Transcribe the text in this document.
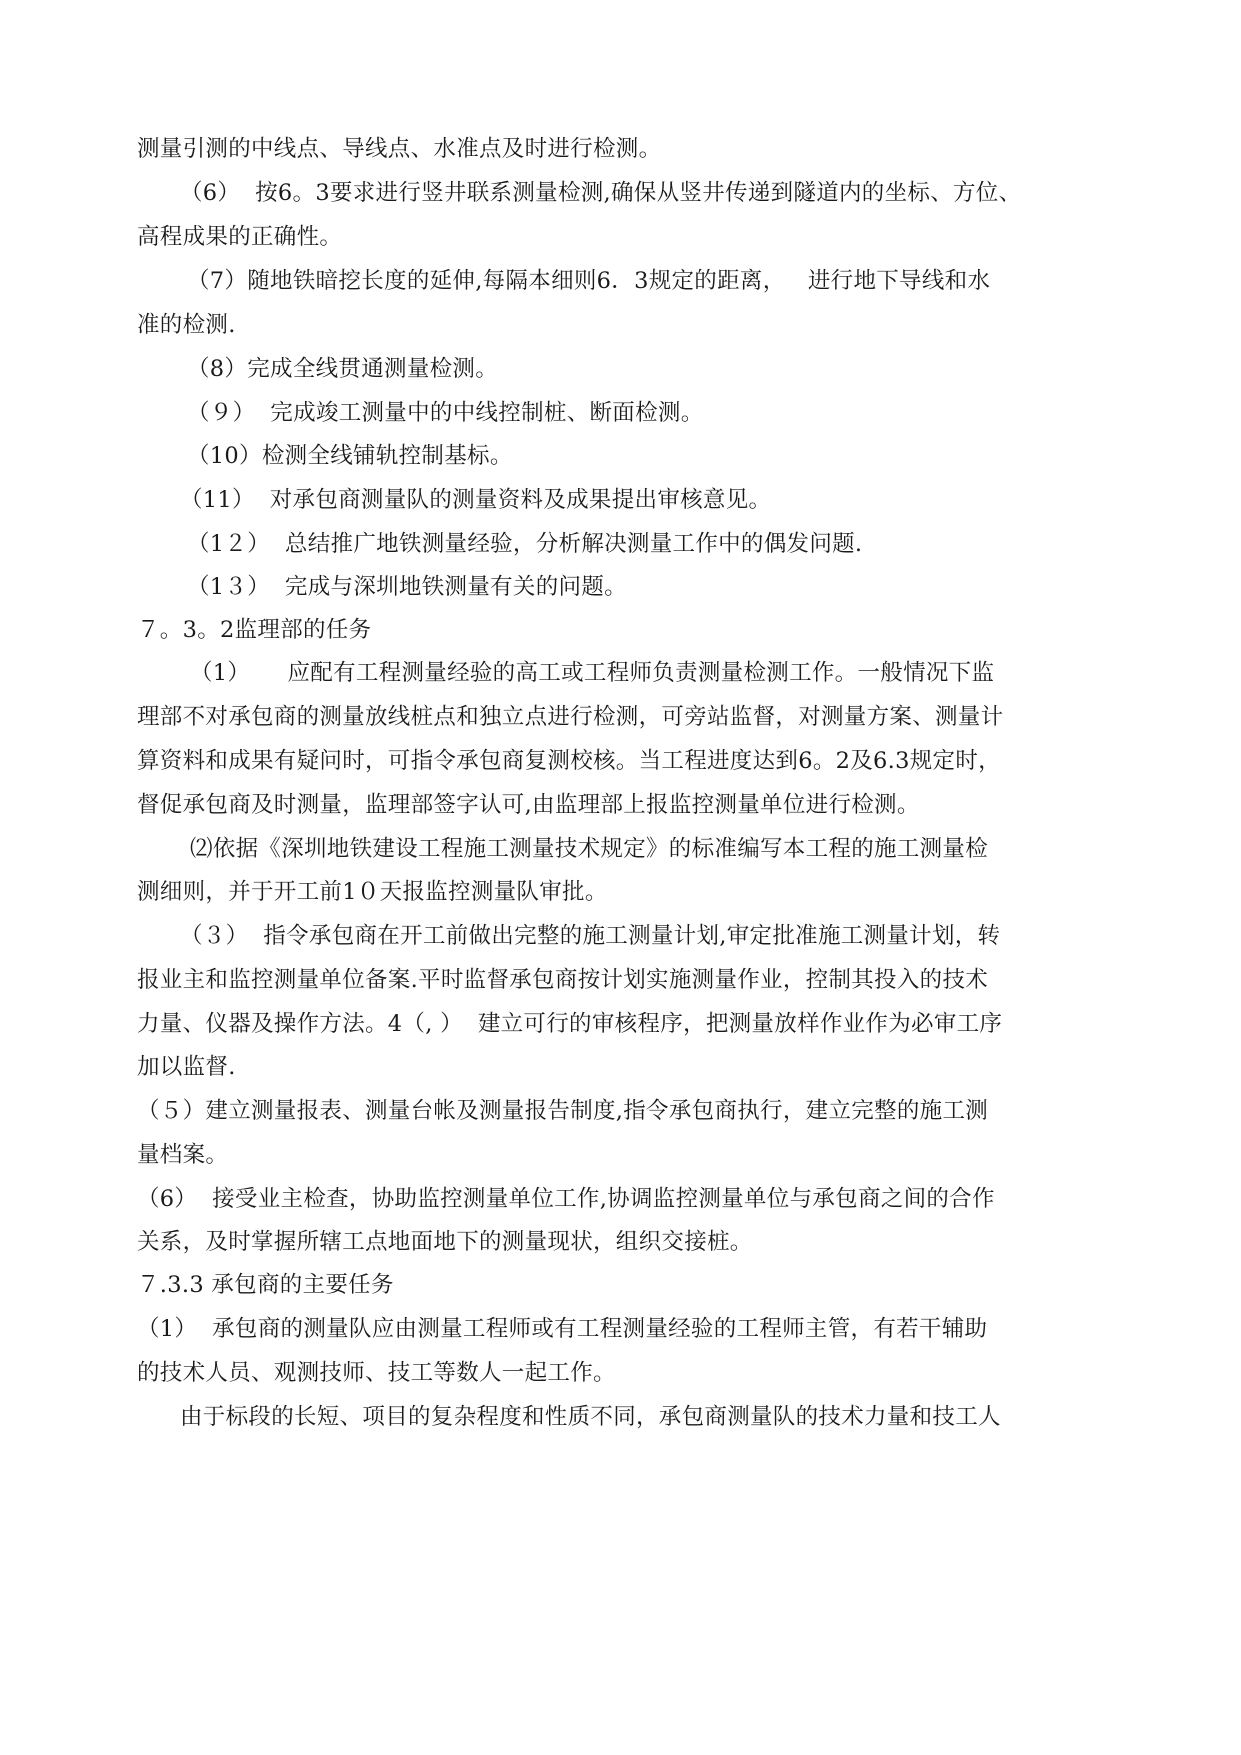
测量引测的中线点、导线点、水准点及时进行检测。
（6）  按6。3要求进行竖井联系测量检测,确保从竖井传递到隧道内的坐标、方位、
高程成果的正确性。
（7）随地铁暗挖长度的延伸,每隔本细则6．3规定的距离，   进行地下导线和水
准的检测.
（8）完成全线贯通测量检测。
（９）  完成竣工测量中的中线控制桩、断面检测。
（10）检测全线铺轨控制基标。
（11）  对承包商测量队的测量资料及成果提出审核意见。
（1２）  总结推广地铁测量经验，分析解决测量工作中的偶发问题.
（1３）  完成与深圳地铁测量有关的问题。
７。3。2监理部的任务
（1）     应配有工程测量经验的高工或工程师负责测量检测工作。一般情况下监
理部不对承包商的测量放线桩点和独立点进行检测，可旁站监督，对测量方案、测量计
算资料和成果有疑问时，可指令承包商复测校核。当工程进度达到6。2及6.3规定时，
督促承包商及时测量，监理部签字认可,由监理部上报监控测量单位进行检测。
⑵依据《深圳地铁建设工程施工测量技术规定》的标准编写本工程的施工测量检
测细则，并于开工前1０天报监控测量队审批。
（３）  指令承包商在开工前做出完整的施工测量计划,审定批准施工测量计划，转
报业主和监控测量单位备案.平时监督承包商按计划实施测量作业，控制其投入的技术
力量、仪器及操作方法。4（, ）  建立可行的审核程序，把测量放样作业作为必审工序
加以监督.
（５）建立测量报表、测量台帐及测量报告制度,指令承包商执行，建立完整的施工测
量档案。
（6）  接受业主检查，协助监控测量单位工作,协调监控测量单位与承包商之间的合作
关系，及时掌握所辖工点地面地下的测量现状，组织交接桩。
７.3.3 承包商的主要任务
（1）  承包商的测量队应由测量工程师或有工程测量经验的工程师主管，有若干辅助
的技术人员、观测技师、技工等数人一起工作。
由于标段的长短、项目的复杂程度和性质不同，承包商测量队的技术力量和技工人
